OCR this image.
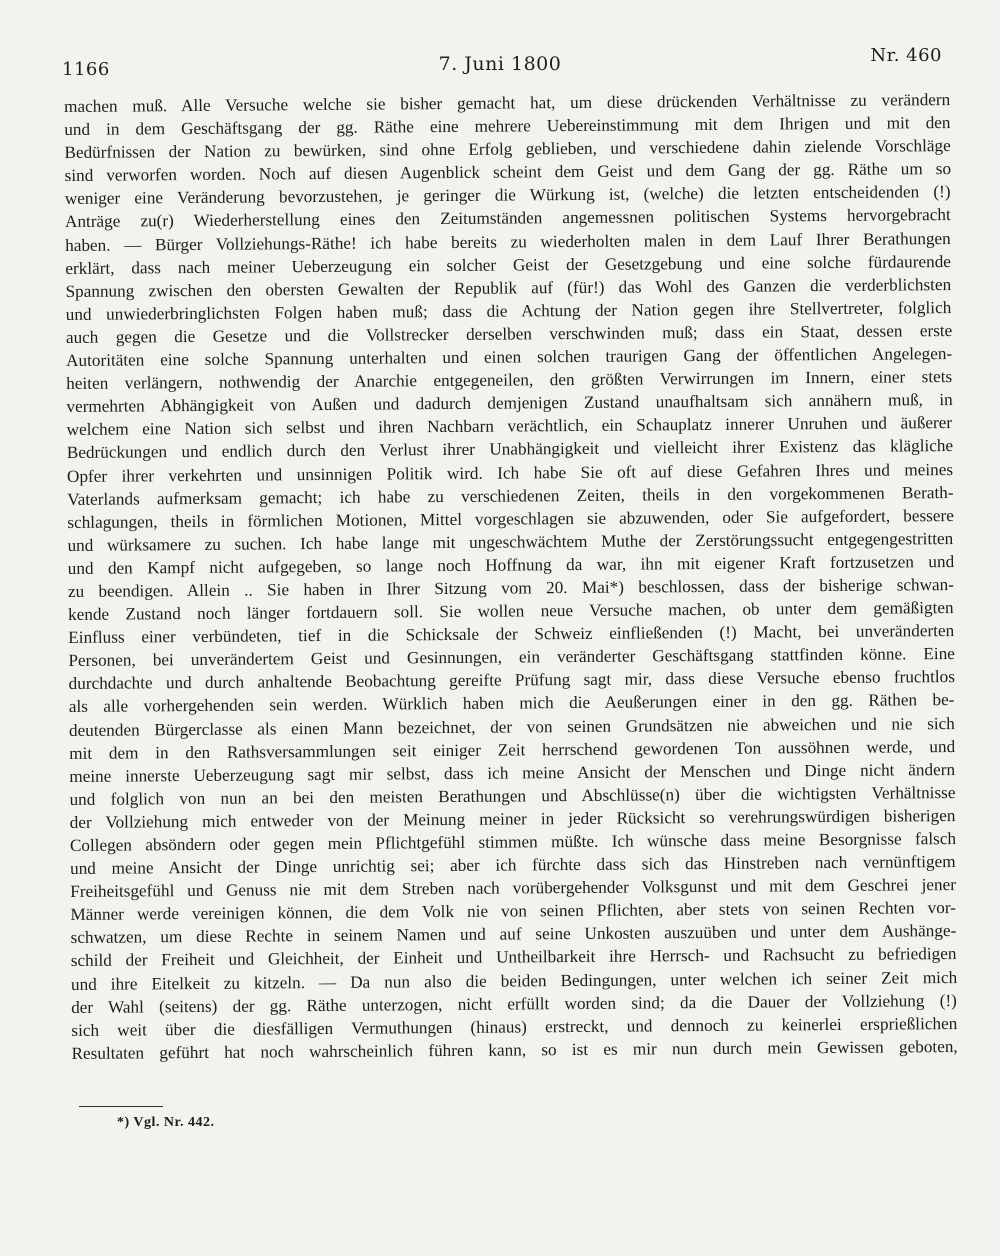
1166	7. Juni 1800	Nr. 460
machen muß. Alle Versuche welche sie bisher gemacht hat, um diese drückenden Verhältnisse zu verändern
und in dem Geschäftsgang der gg. Räthe eine mehrere Uebereinstimmung mit dem Ihrigen und mit den
Bedürfnissen der Nation zu bewürken, sind ohne Erfolg geblieben, und verschiedene dahin zielende Vorschläge
sind verworfen worden. Noch auf diesen Augenblick scheint dem Geist und dem Gang der gg. Räthe um so
weniger eine Veränderung bevorzustehen, je geringer die Würkung ist, (welche) die letzten entscheidenden (!)
Anträge zu(r) Wiederherstellung eines den Zeitumständen angemessnen politischen Systems hervorgebracht
haben. — Bürger Vollziehungs-Räthe! ich habe bereits zu wiederholten malen in dem Lauf Ihrer Berathungen
erklärt, dass nach meiner Ueberzeugung ein solcher Geist der Gesetzgebung und eine solche fürdaurende
Spannung zwischen den obersten Gewalten der Republik auf (für!) das Wohl des Ganzen die verderblichsten
und unwiederbringlichsten Folgen haben muß; dass die Achtung der Nation gegen ihre Stellvertreter, folglich
auch gegen die Gesetze und die Vollstrecker derselben verschwinden muß; dass ein Staat, dessen erste
Autoritäten eine solche Spannung unterhalten und einen solchen traurigen Gang der öffentlichen Angelegen-
heiten verlängern, nothwendig der Anarchie entgegeneilen, den größten Verwirrungen im Innern, einer stets
vermehrten Abhängigkeit von Außen und dadurch demjenigen Zustand unaufhaltsam sich annähern muß, in
welchem eine Nation sich selbst und ihren Nachbarn verächtlich, ein Schauplatz innerer Unruhen und äußerer
Bedrückungen und endlich durch den Verlust ihrer Unabhängigkeit und vielleicht ihrer Existenz das klägliche
Opfer ihrer verkehrten und unsinnigen Politik wird. Ich habe Sie oft auf diese Gefahren Ihres und meines
Vaterlands aufmerksam gemacht; ich habe zu verschiedenen Zeiten, theils in den vorgekommenen Berath-
schlagungen, theils in förmlichen Motionen, Mittel vorgeschlagen sie abzuwenden, oder Sie aufgefordert, bessere
und würksamere zu suchen. Ich habe lange mit ungeschwächtem Muthe der Zerstörungssucht entgegengestritten
und den Kampf nicht aufgegeben, so lange noch Hoffnung da war, ihn mit eigener Kraft fortzusetzen und
zu beendigen. Allein .. Sie haben in Ihrer Sitzung vom 20. Mai*) beschlossen, dass der bisherige schwan-
kende Zustand noch länger fortdauern soll. Sie wollen neue Versuche machen, ob unter dem gemäßigten
Einfluss einer verbündeten, tief in die Schicksale der Schweiz einfließenden (!) Macht, bei unveränderten
Personen, bei unverändertem Geist und Gesinnungen, ein veränderter Geschäftsgang stattfinden könne. Eine
durchdachte und durch anhaltende Beobachtung gereifte Prüfung sagt mir, dass diese Versuche ebenso fruchtlos
als alle vorhergehenden sein werden. Würklich haben mich die Aeußerungen einer in den gg. Räthen be-
deutenden Bürgerclasse als einen Mann bezeichnet, der von seinen Grundsätzen nie abweichen und nie sich
mit dem in den Rathsversammlungen seit einiger Zeit herrschend gewordenen Ton aussöhnen werde, und
meine innerste Ueberzeugung sagt mir selbst, dass ich meine Ansicht der Menschen und Dinge nicht ändern
und folglich von nun an bei den meisten Berathungen und Abschlüsse(n) über die wichtigsten Verhältnisse
der Vollziehung mich entweder von der Meinung meiner in jeder Rücksicht so verehrungswürdigen bisherigen
Collegen absöndern oder gegen mein Pflichtgefühl stimmen müßte. Ich wünsche dass meine Besorgnisse falsch
und meine Ansicht der Dinge unrichtig sei; aber ich fürchte dass sich das Hinstreben nach vernünftigem
Freiheitsgefühl und Genuss nie mit dem Streben nach vorübergehender Volksgunst und mit dem Geschrei jener
Männer werde vereinigen können, die dem Volk nie von seinen Pflichten, aber stets von seinen Rechten vor-
schwatzen, um diese Rechte in seinem Namen und auf seine Unkosten auszuüben und unter dem Aushänge-
schild der Freiheit und Gleichheit, der Einheit und Untheilbarkeit ihre Herrsch- und Rachsucht zu befriedigen
und ihre Eitelkeit zu kitzeln. — Da nun also die beiden Bedingungen, unter welchen ich seiner Zeit mich
der Wahl (seitens) der gg. Räthe unterzogen, nicht erfüllt worden sind; da die Dauer der Vollziehung (!)
sich weit über die diesfälligen Vermuthungen (hinaus) erstreckt, und dennoch zu keinerlei ersprießlichen
Resultaten geführt hat noch wahrscheinlich führen kann, so ist es mir nun durch mein Gewissen geboten,
*) Vgl. Nr. 442.
